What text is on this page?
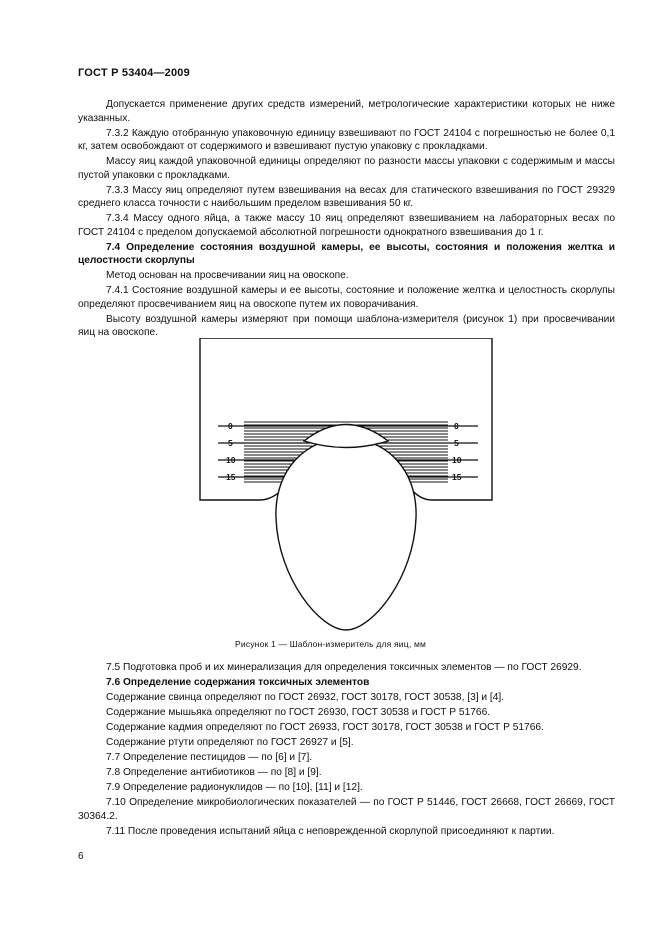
ГОСТ Р 53404—2009

Допускается применение других средств измерений, метрологические характеристики которых не ниже указанных.

7.3.2 Каждую отобранную упаковочную единицу взвешивают по ГОСТ 24104 с погрешностью не более 0,1 кг, затем освобождают от содержимого и взвешивают пустую упаковку с прокладками.

Массу яиц каждой упаковочной единицы определяют по разности массы упаковки с содержимым и массы пустой упаковки с прокладками.

7.3.3 Массу яиц определяют путем взвешивания на весах для статического взвешивания по ГОСТ 29329 среднего класса точности с наибольшим пределом взвешивания 50 кг.

7.3.4 Массу одного яйца, а также массу 10 яиц определяют взвешиванием на лабораторных весах по ГОСТ 24104 с пределом допускаемой абсолютной погрешности однократного взвешивания до 1 г.

7.4 Определение состояния воздушной камеры, ее высоты, состояния и положения желтка и целостности скорлупы

Метод основан на просвечивании яиц на овоскопе.

7.4.1 Состояние воздушной камеры и ее высоты, состояние и положение желтка и целостность скорлупы определяют просвечиванием яиц на овоскопе путем их поворачивания.

Высоту воздушной камеры измеряют при помощи шаблона-измерителя (рисунок 1) при просвечивании яиц на овоскопе.

0
5
10
15
0
5
10
15
Рисунок 1 — Шаблон-измеритель для яиц, мм

7.5 Подготовка проб и их минерализация для определения токсичных элементов — по ГОСТ 26929.

7.6 Определение содержания токсичных элементов

Содержание свинца определяют по ГОСТ 26932, ГОСТ 30178, ГОСТ 30538, [3] и [4].

Содержание мышьяка определяют по ГОСТ 26930, ГОСТ 30538 и ГОСТ Р 51766.

Содержание кадмия определяют по ГОСТ 26933, ГОСТ 30178, ГОСТ 30538 и ГОСТ Р 51766.

Содержание ртути определяют по ГОСТ 26927 и [5].

7.7 Определение пестицидов — по [6] и [7].

7.8 Определение антибиотиков — по [8] и [9].

7.9 Определение радионуклидов — по [10], [11] и [12].

7.10 Определение микробиологических показателей — по ГОСТ Р 51446, ГОСТ 26668, ГОСТ 26669, ГОСТ 30364.2.

7.11 После проведения испытаний яйца с неповрежденной скорлупой присоединяют к партии.

6
